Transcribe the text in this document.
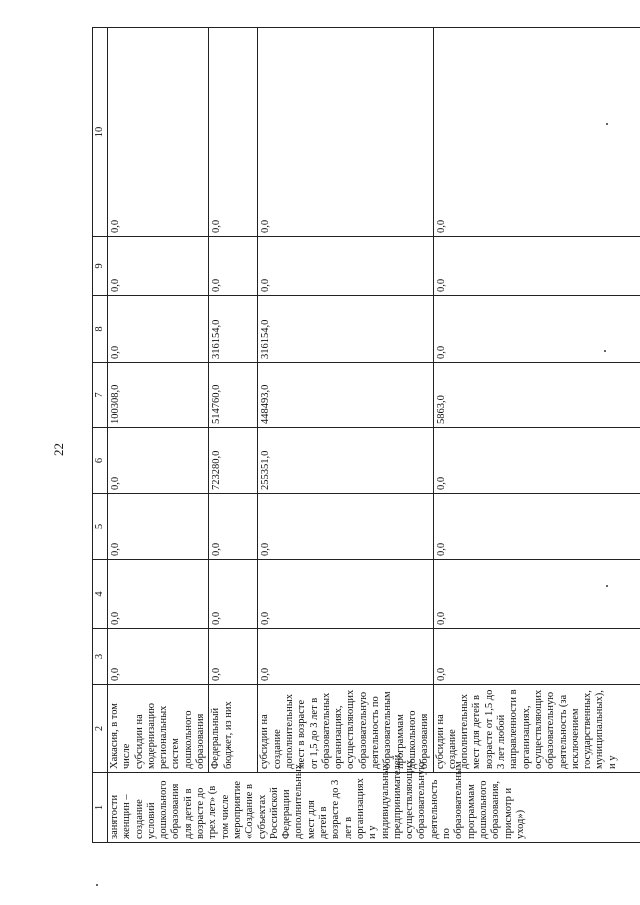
22
1	2	3	4	5	6	7	8	9	10
занятости женщин – создание условий дошкольного образования для детей в возрасте до трех лет» (в том числе мероприятие «Создание в субъектах Российской Федерации дополнительных мест для детей в возрасте до 3 лет в организациях и у индивидуальных предпринимателей, осуществляющих образовательную деятельность по образовательным программам дошкольного образования, присмотр и уход»)	Хакасия, в том числе субсидии на модернизацию региональных систем дошкольного образования	0,0	0,0	0,0	0,0	100308,0	0,0	0,0	0,0
	Федеральный бюджет, из них	0,0	0,0	0,0	723280,0	514760,0	316154,0	0,0	0,0
	субсидии на создание дополнительных мест в возрасте от 1,5 до 3 лет в образовательных организациях, осуществляющих образовательную деятельность по образовательным программам дошкольного образования	0,0	0,0	0,0	255351,0	448493,0	316154,0	0,0	0,0
	субсидии на создание дополнительных мест для детей в возрасте от 1,5 до 3 лет любой направленности в организациях, осуществляющих образовательную деятельность (за исключением государственных, муниципальных), и у	0,0	0,0	0,0	0,0	5863,0	0,0	0,0	0,0
